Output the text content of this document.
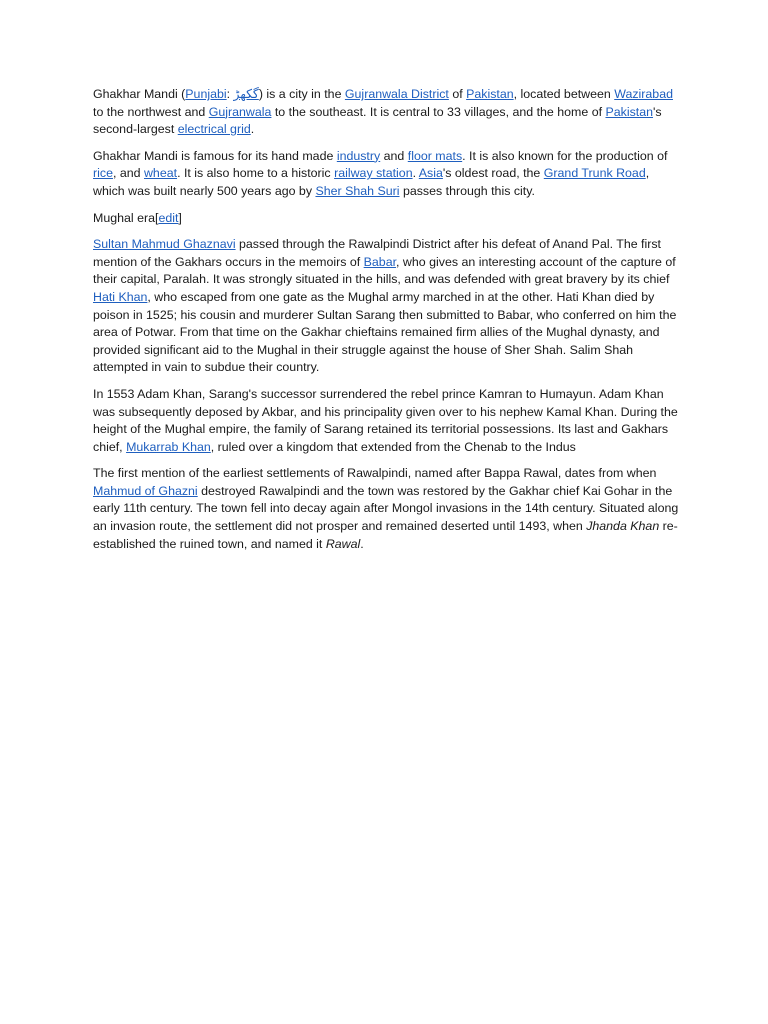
Ghakhar Mandi (Punjabi: گکھڑ) is a city in the Gujranwala District of Pakistan, located between Wazirabad to the northwest and Gujranwala to the southeast. It is central to 33 villages, and the home of Pakistan's second-largest electrical grid.

Ghakhar Mandi is famous for its hand made industry and floor mats. It is also known for the production of rice, and wheat. It is also home to a historic railway station. Asia's oldest road, the Grand Trunk Road, which was built nearly 500 years ago by Sher Shah Suri passes through this city.

Mughal era[edit]

Sultan Mahmud Ghaznavi passed through the Rawalpindi District after his defeat of Anand Pal. The first mention of the Gakhars occurs in the memoirs of Babar, who gives an interesting account of the capture of their capital, Paralah. It was strongly situated in the hills, and was defended with great bravery by its chief Hati Khan, who escaped from one gate as the Mughal army marched in at the other. Hati Khan died by poison in 1525; his cousin and murderer Sultan Sarang then submitted to Babar, who conferred on him the area of Potwar. From that time on the Gakhar chieftains remained firm allies of the Mughal dynasty, and provided significant aid to the Mughal in their struggle against the house of Sher Shah. Salim Shah attempted in vain to subdue their country.

In 1553 Adam Khan, Sarang's successor surrendered the rebel prince Kamran to Humayun. Adam Khan was subsequently deposed by Akbar, and his principality given over to his nephew Kamal Khan. During the height of the Mughal empire, the family of Sarang retained its territorial possessions. Its last and Gakhars chief, Mukarrab Khan, ruled over a kingdom that extended from the Chenab to the Indus

The first mention of the earliest settlements of Rawalpindi, named after Bappa Rawal, dates from when Mahmud of Ghazni destroyed Rawalpindi and the town was restored by the Gakhar chief Kai Gohar in the early 11th century. The town fell into decay again after Mongol invasions in the 14th century. Situated along an invasion route, the settlement did not prosper and remained deserted until 1493, when Jhanda Khan re-established the ruined town, and named it Rawal.
